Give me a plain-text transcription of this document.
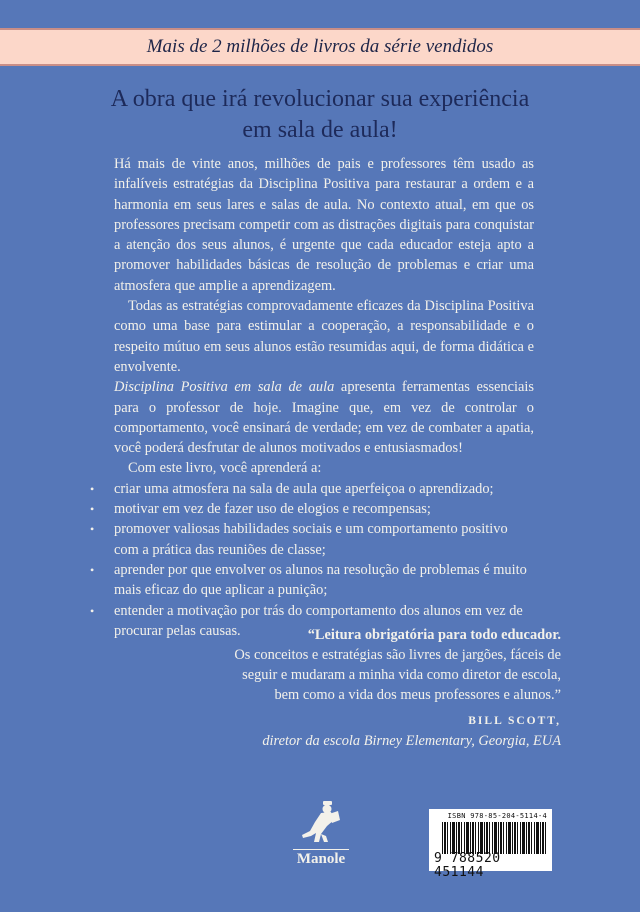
Mais de 2 milhões de livros da série vendidos
A obra que irá revolucionar sua experiência
em sala de aula!

Há mais de vinte anos, milhões de pais e professores têm usado as infalíveis estratégias da Disciplina Positiva para restaurar a ordem e a harmonia em seus lares e salas de aula. No contexto atual, em que os professores precisam competir com as distrações digitais para conquistar a atenção dos seus alunos, é urgente que cada educador esteja apto a promover habilidades básicas de resolução de problemas e criar uma atmosfera que amplie a aprendizagem.

Todas as estratégias comprovadamente eficazes da Disciplina Positiva como uma base para estimular a cooperação, a responsabilidade e o respeito mútuo em seus alunos estão resumidas aqui, de forma didática e envolvente.

Disciplina Positiva em sala de aula apresenta ferramentas essenciais para o professor de hoje. Imagine que, em vez de controlar o comportamento, você ensinará de verdade; em vez de combater a apatia, você poderá desfrutar de alunos motivados e entusiasmados!

Com este livro, você aprenderá a:

• criar uma atmosfera na sala de aula que aperfeiçoa o aprendizado;
• motivar em vez de fazer uso de elogios e recompensas;
• promover valiosas habilidades sociais e um comportamento positivo com a prática das reuniões de classe;
• aprender por que envolver os alunos na resolução de problemas é muito mais eficaz do que aplicar a punição;
• entender a motivação por trás do comportamento dos alunos em vez de procurar pelas causas.	“Leitura obrigatória para todo educador.
Os conceitos e estratégias são livres de jargões, fáceis de
seguir e mudaram a minha vida como diretor de escola,
bem como a vida dos meus professores e alunos.”
BILL SCOTT,
diretor da escola Birney Elementary, Georgia, EUA
Manole
ISBN 978-85-204-5114-4
9 788520 451144
